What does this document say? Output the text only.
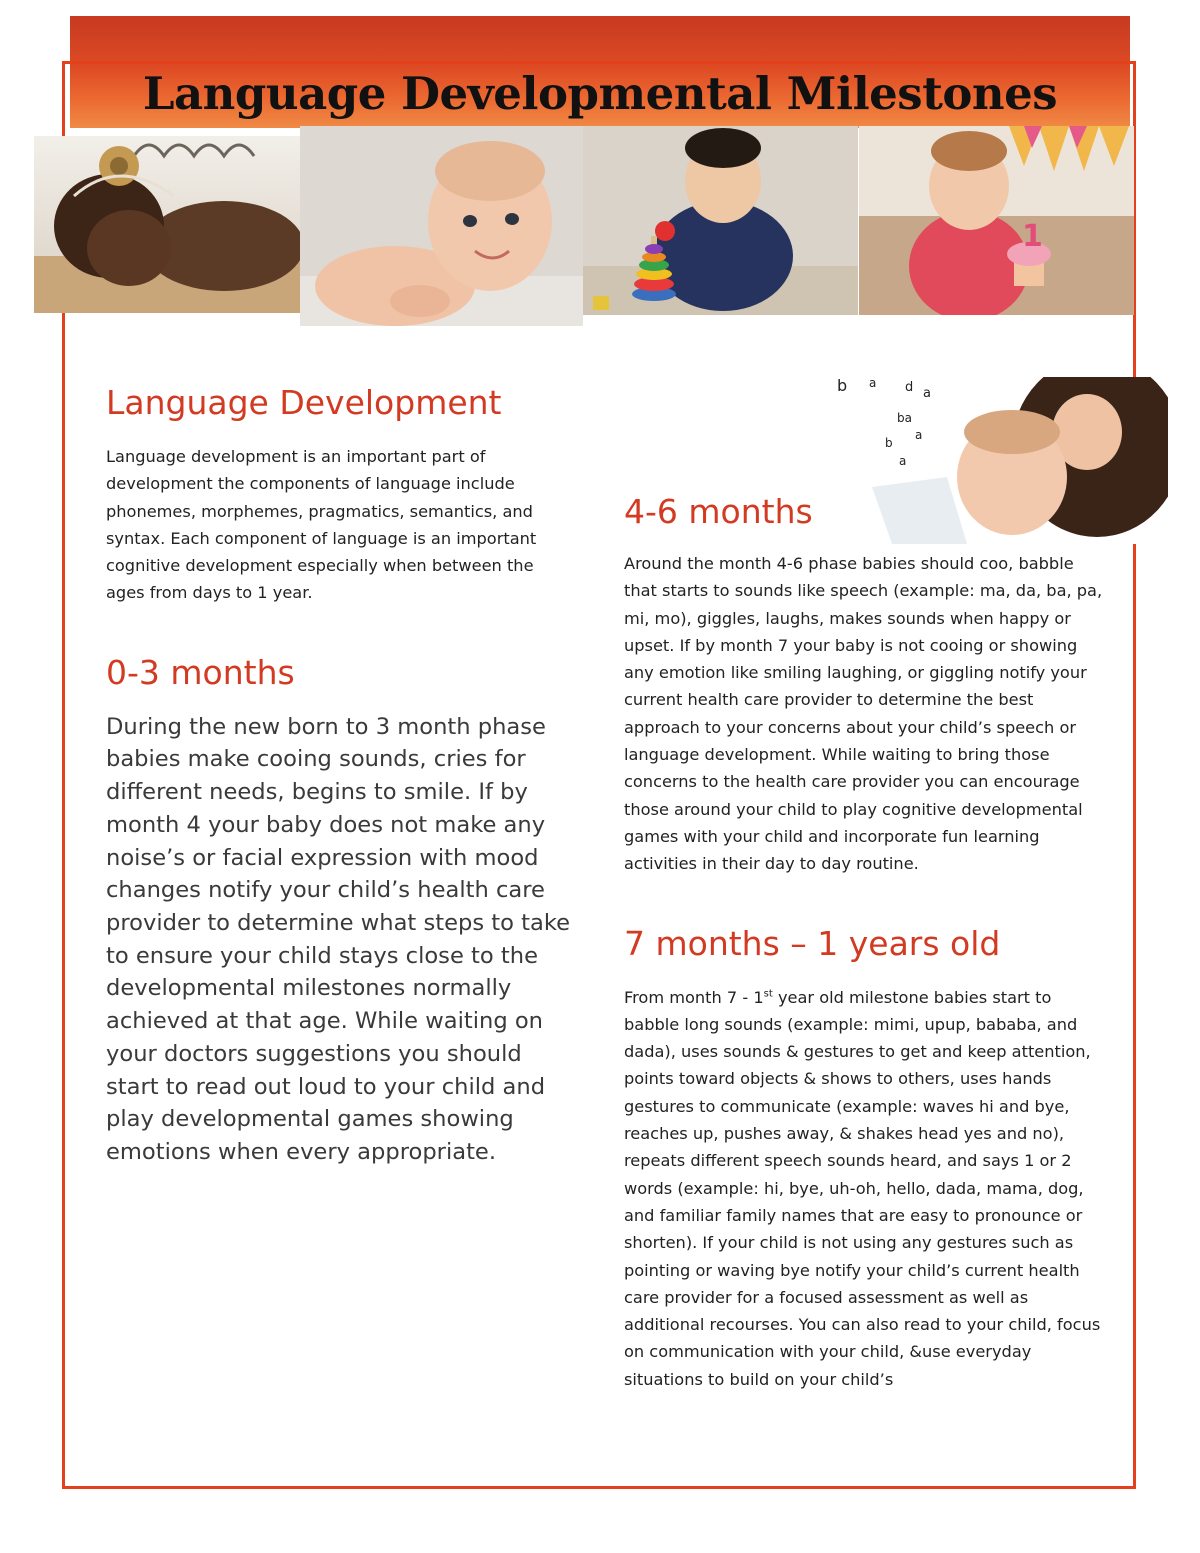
Language Developmental Milestones
1
b a d a
ba
a
a
b
Language Development

Language development is an important part of development the components of language include phonemes, morphemes, pragmatics, semantics, and syntax. Each component of language is an important cognitive development especially when between the ages from days to 1 year.

0-3 months

During the new born to 3 month phase babies make cooing sounds, cries for different needs, begins to smile. If by month 4 your baby does not make any noise’s or facial expression with mood changes notify your child’s health care provider to determine what steps to take to ensure your child stays close to the developmental milestones normally achieved at that age. While waiting on your doctors suggestions you should start to read out loud to your child and play developmental games showing emotions when every appropriate.

4-6 months

Around the month 4-6 phase babies should coo, babble that starts to sounds like speech (example: ma, da, ba, pa, mi, mo), giggles, laughs, makes sounds when happy or upset. If by month 7 your baby is not cooing or showing any emotion like smiling laughing, or giggling notify your current health care provider to determine the best approach to your concerns about your child’s speech or language development. While waiting to bring those concerns to the health care provider you can encourage those around your child to play cognitive developmental games with your child and incorporate fun learning activities in their day to day routine.

7 months – 1 years old

From month 7 - 1st year old milestone babies start to babble long sounds (example: mimi, upup, bababa, and dada), uses sounds & gestures to get and keep attention, points toward objects & shows to others, uses hands gestures to communicate (example: waves hi and bye, reaches up, pushes away, & shakes head yes and no), repeats different speech sounds heard, and says 1 or 2 words (example: hi, bye, uh-oh, hello, dada, mama, dog, and familiar family names that are easy to pronounce or shorten). If your child is not using any gestures such as pointing or waving bye notify your child’s current health care provider for a focused assessment as well as additional recourses. You can also read to your child, focus on communication with your child, &use everyday situations to build on your child’s
